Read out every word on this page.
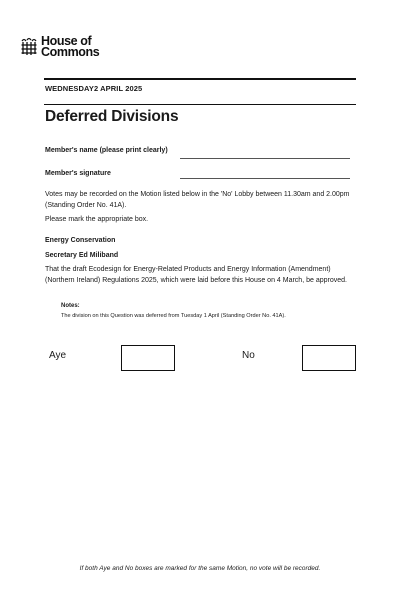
House of
Commons
WEDNESDAY2 APRIL 2025
Deferred Divisions
Member's name (please print clearly)
Member's signature
Votes may be recorded on the Motion listed below in the 'No' Lobby between 11.30am and 2.00pm (Standing Order No. 41A).
Please mark the appropriate box.
Energy Conservation
Secretary Ed Miliband
That the draft Ecodesign for Energy-Related Products and Energy Information (Amendment) (Northern Ireland) Regulations 2025, which were laid before this House on 4 March, be approved.
Notes:
The division on this Question was deferred from Tuesday 1 April (Standing Order No. 41A).
Aye	No
If both Aye and No boxes are marked for the same Motion, no vote will be recorded.
